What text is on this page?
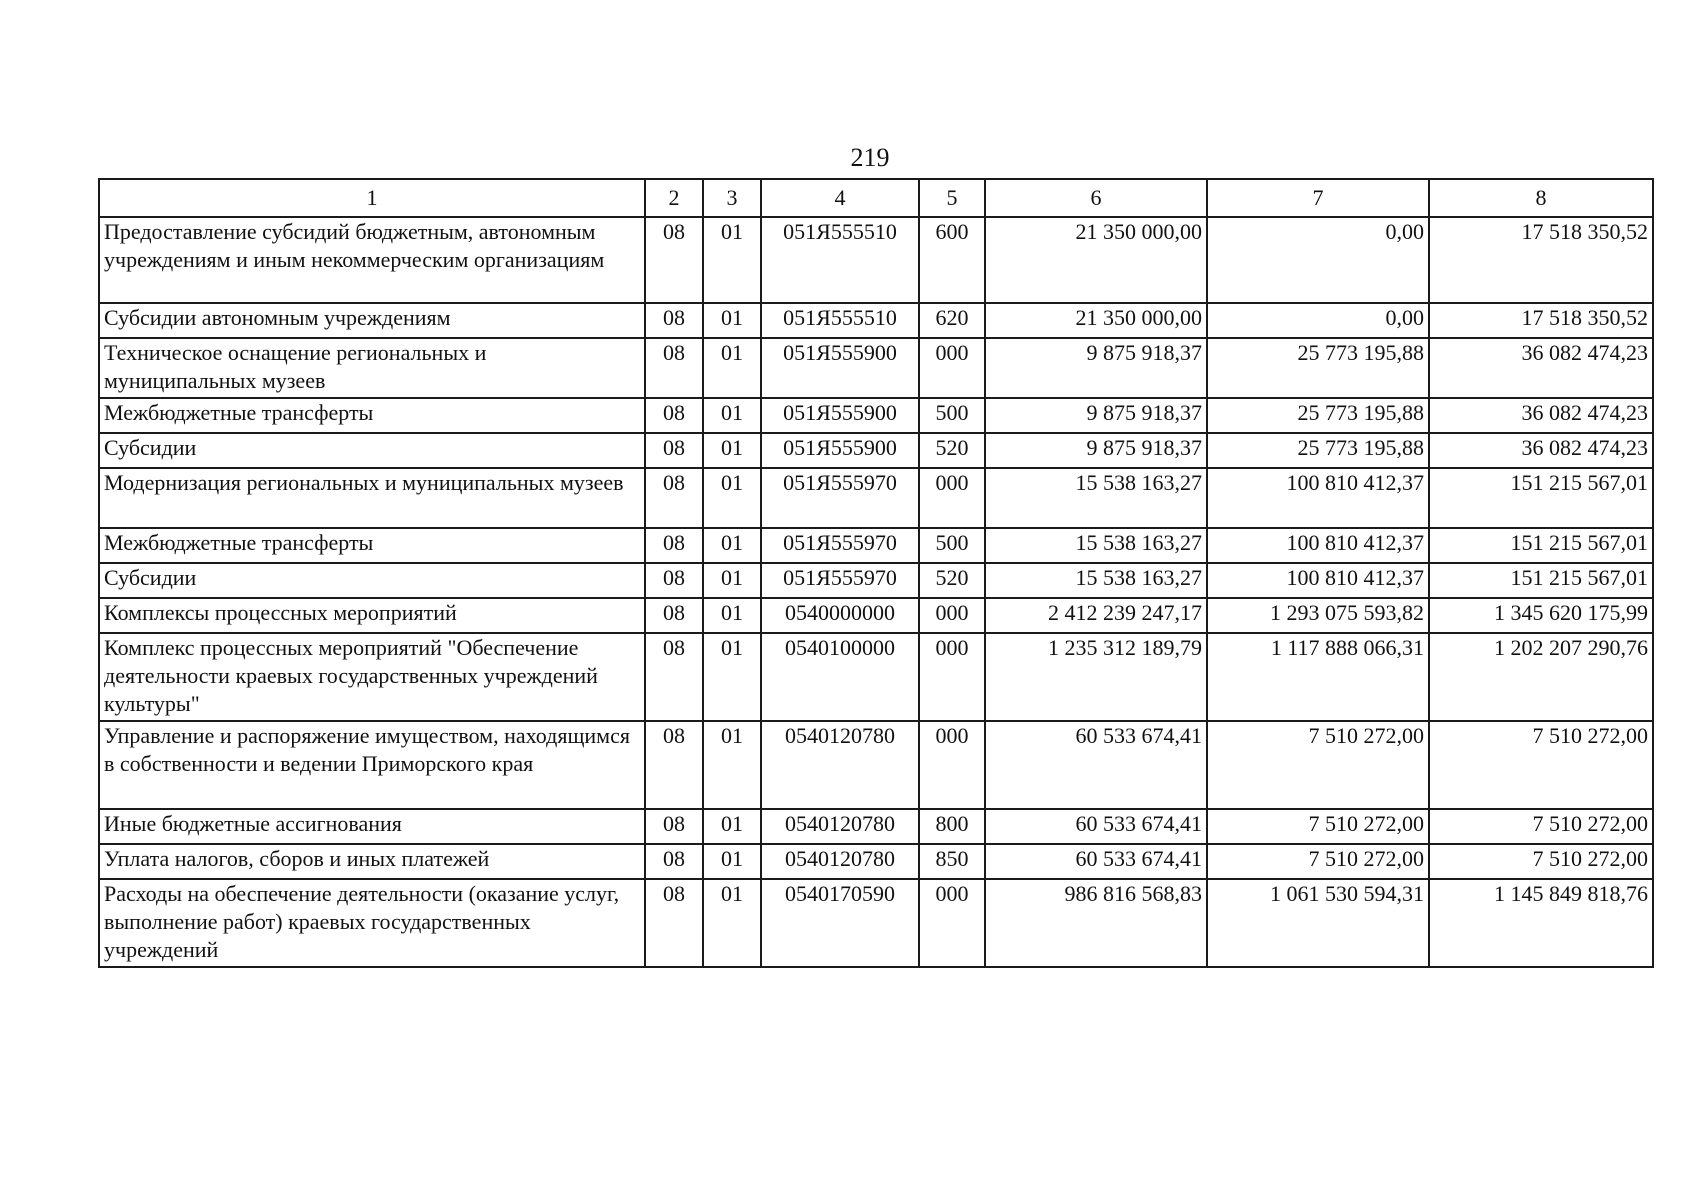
219
1	2	3	4	5	6	7	8
Предоставление субсидий бюджетным, автономным учреждениям и иным некоммерческим организациям	08	01	051Я555510	600	21 350 000,00	0,00	17 518 350,52
Субсидии автономным учреждениям	08	01	051Я555510	620	21 350 000,00	0,00	17 518 350,52
Техническое оснащение региональных и муниципальных музеев	08	01	051Я555900	000	9 875 918,37	25 773 195,88	36 082 474,23
Межбюджетные трансферты	08	01	051Я555900	500	9 875 918,37	25 773 195,88	36 082 474,23
Субсидии	08	01	051Я555900	520	9 875 918,37	25 773 195,88	36 082 474,23
Модернизация региональных и муниципальных музеев	08	01	051Я555970	000	15 538 163,27	100 810 412,37	151 215 567,01
Межбюджетные трансферты	08	01	051Я555970	500	15 538 163,27	100 810 412,37	151 215 567,01
Субсидии	08	01	051Я555970	520	15 538 163,27	100 810 412,37	151 215 567,01
Комплексы процессных мероприятий	08	01	0540000000	000	2 412 239 247,17	1 293 075 593,82	1 345 620 175,99
Комплекс процессных мероприятий "Обеспечение деятельности краевых государственных учреждений культуры"	08	01	0540100000	000	1 235 312 189,79	1 117 888 066,31	1 202 207 290,76
Управление и распоряжение имуществом, находящимся в собственности и ведении Приморского края	08	01	0540120780	000	60 533 674,41	7 510 272,00	7 510 272,00
Иные бюджетные ассигнования	08	01	0540120780	800	60 533 674,41	7 510 272,00	7 510 272,00
Уплата налогов, сборов и иных платежей	08	01	0540120780	850	60 533 674,41	7 510 272,00	7 510 272,00
Расходы на обеспечение деятельности (оказание услуг, выполнение работ) краевых государственных учреждений	08	01	0540170590	000	986 816 568,83	1 061 530 594,31	1 145 849 818,76
